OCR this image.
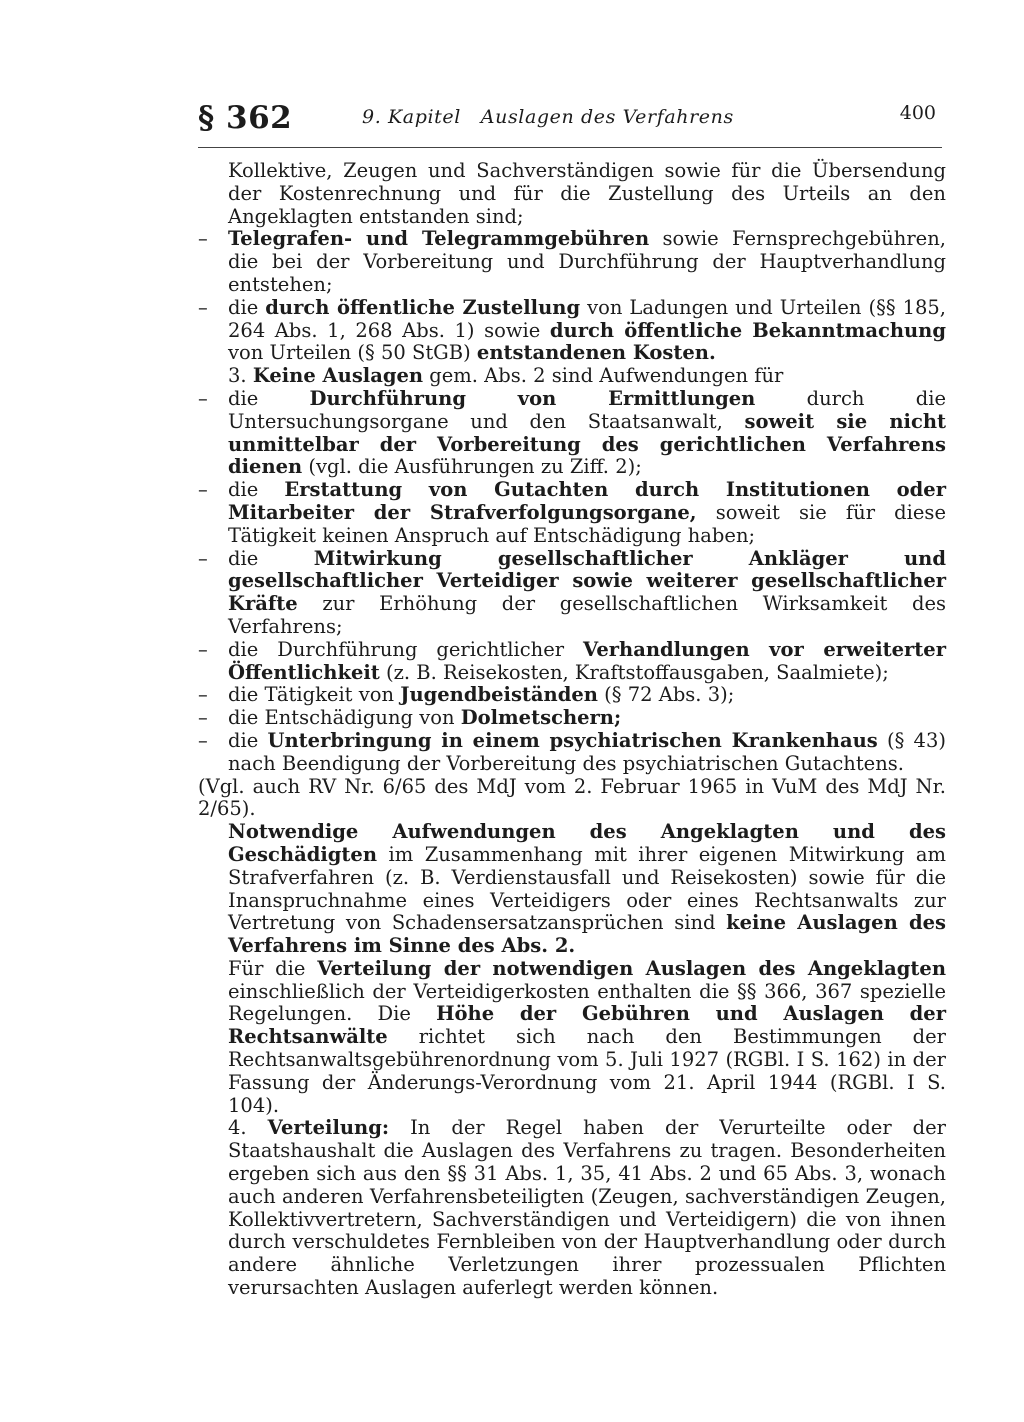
§ 362	9. Kapitel   Auslagen des Verfahrens	400

Kollektive, Zeugen und Sachverständigen sowie für die Übersendung der Kostenrechnung und für die Zustellung des Urteils an den Angeklagten entstanden sind;

– Telegrafen- und Telegrammgebühren sowie Fernsprechgebühren, die bei der Vorbereitung und Durchführung der Hauptverhandlung entstehen;

– die durch öffentliche Zustellung von Ladungen und Urteilen (§§ 185, 264 Abs. 1, 268 Abs. 1) sowie durch öffentliche Bekanntmachung von Urteilen (§ 50 StGB) entstandenen Kosten.

3. Keine Auslagen gem. Abs. 2 sind Aufwendungen für

– die Durchführung von Ermittlungen durch die Untersuchungsorgane und den Staatsanwalt, soweit sie nicht unmittelbar der Vorbereitung des gerichtlichen Verfahrens dienen (vgl. die Ausführungen zu Ziff. 2);

– die Erstattung von Gutachten durch Institutionen oder Mitarbeiter der Strafverfolgungsorgane, soweit sie für diese Tätigkeit keinen Anspruch auf Entschädigung haben;

– die Mitwirkung gesellschaftlicher Ankläger und gesellschaftlicher Verteidiger sowie weiterer gesellschaftlicher Kräfte zur Erhöhung der gesellschaftlichen Wirksamkeit des Verfahrens;

– die Durchführung gerichtlicher Verhandlungen vor erweiterter Öffentlichkeit (z. B. Reisekosten, Kraftstoffausgaben, Saalmiete);

– die Tätigkeit von Jugendbeiständen (§ 72 Abs. 3);

– die Entschädigung von Dolmetschern;

– die Unterbringung in einem psychiatrischen Krankenhaus (§ 43) nach Beendigung der Vorbereitung des psychiatrischen Gutachtens.

(Vgl. auch RV Nr. 6/65 des MdJ vom 2. Februar 1965 in VuM des MdJ Nr. 2/65).

Notwendige Aufwendungen des Angeklagten und des Geschädigten im Zusammenhang mit ihrer eigenen Mitwirkung am Strafverfahren (z. B. Verdienstausfall und Reisekosten) sowie für die Inanspruchnahme eines Verteidigers oder eines Rechtsanwalts zur Vertretung von Schadensersatzansprüchen sind keine Auslagen des Verfahrens im Sinne des Abs. 2.

Für die Verteilung der notwendigen Auslagen des Angeklagten einschließlich der Verteidigerkosten enthalten die §§ 366, 367 spezielle Regelungen. Die Höhe der Gebühren und Auslagen der Rechtsanwälte richtet sich nach den Bestimmungen der Rechtsanwaltsgebührenordnung vom 5. Juli 1927 (RGBl. I S. 162) in der Fassung der Änderungs-Verordnung vom 21. April 1944 (RGBl. I S. 104).

4. Verteilung: In der Regel haben der Verurteilte oder der Staatshaushalt die Auslagen des Verfahrens zu tragen. Besonderheiten ergeben sich aus den §§ 31 Abs. 1, 35, 41 Abs. 2 und 65 Abs. 3, wonach auch anderen Verfahrensbeteiligten (Zeugen, sachverständigen Zeugen, Kollektivvertretern, Sachverständigen und Verteidigern) die von ihnen durch verschuldetes Fernbleiben von der Hauptverhandlung oder durch andere ähnliche Verletzungen ihrer prozessualen Pflichten verursachten Auslagen auferlegt werden können.
